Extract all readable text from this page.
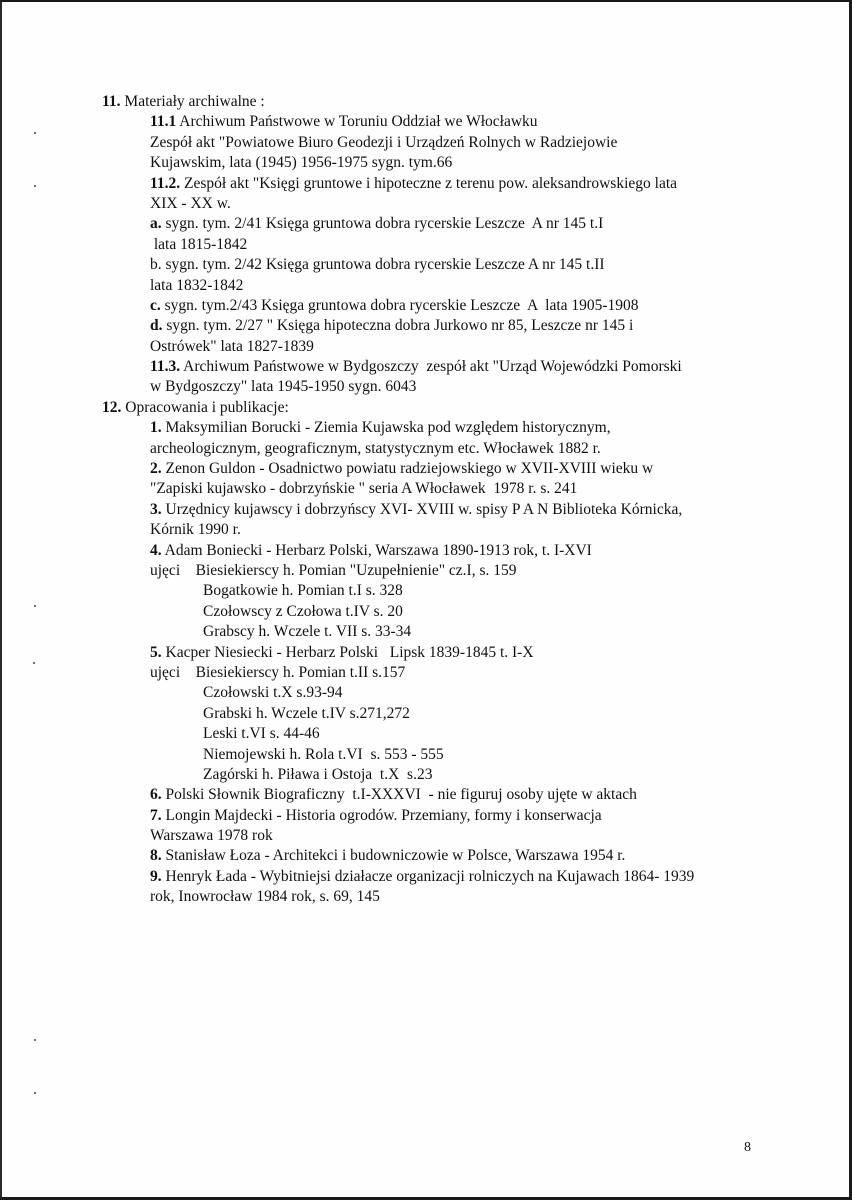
11. Materiały archiwalne :
11.1 Archiwum Państwowe w Toruniu Oddział we Włocławku
Zespół akt "Powiatowe Biuro Geodezji i Urządzeń Rolnych w Radziejowie
Kujawskim, lata (1945) 1956-1975 sygn. tym.66
11.2. Zespół akt "Księgi gruntowe i hipoteczne z terenu pow. aleksandrowskiego lata
XIX - XX w.
a. sygn. tym. 2/41 Księga gruntowa dobra rycerskie Leszcze  A nr 145 t.I
lata 1815-1842
b. sygn. tym. 2/42 Księga gruntowa dobra rycerskie Leszcze A nr 145 t.II
lata 1832-1842
c. sygn. tym.2/43 Księga gruntowa dobra rycerskie Leszcze  A  lata 1905-1908
d. sygn. tym. 2/27 " Księga hipoteczna dobra Jurkowo nr 85, Leszcze nr 145 i
Ostrówek" lata 1827-1839
11.3. Archiwum Państwowe w Bydgoszczy  zespół akt "Urząd Wojewódzki Pomorski
w Bydgoszczy" lata 1945-1950 sygn. 6043
12. Opracowania i publikacje:
1. Maksymilian Borucki - Ziemia Kujawska pod względem historycznym,
archeologicznym, geograficznym, statystycznym etc. Włocławek 1882 r.
2. Zenon Guldon - Osadnictwo powiatu radziejowskiego w XVII-XVIII wieku w
"Zapiski kujawsko - dobrzyńskie " seria A Włocławek  1978 r. s. 241
3. Urzędnicy kujawscy i dobrzyńscy XVI- XVIII w. spisy P A N Biblioteka Kórnicka,
Kórnik 1990 r.
4. Adam Boniecki - Herbarz Polski, Warszawa 1890-1913 rok, t. I-XVI
ujęci    Biesiekierscy h. Pomian "Uzupełnienie" cz.I, s. 159
Bogatkowie h. Pomian t.I s. 328
Czołowscy z Czołowa t.IV s. 20
Grabscy h. Wczele t. VII s. 33-34
5. Kacper Niesiecki - Herbarz Polski   Lipsk 1839-1845 t. I-X
ujęci    Biesiekierscy h. Pomian t.II s.157
Czołowski t.X s.93-94
Grabski h. Wczele t.IV s.271,272
Leski t.VI s. 44-46
Niemojewski h. Rola t.VI  s. 553 - 555
Zagórski h. Piława i Ostoja  t.X  s.23
6. Polski Słownik Biograficzny  t.I-XXXVI  - nie figuruj osoby ujęte w aktach
7. Longin Majdecki - Historia ogrodów. Przemiany, formy i konserwacja
Warszawa 1978 rok
8. Stanisław Łoza - Architekci i budowniczowie w Polsce, Warszawa 1954 r.
9. Henryk Łada - Wybitniejsi działacze organizacji rolniczych na Kujawach 1864- 1939
rok, Inowrocław 1984 rok, s. 69, 145
8
